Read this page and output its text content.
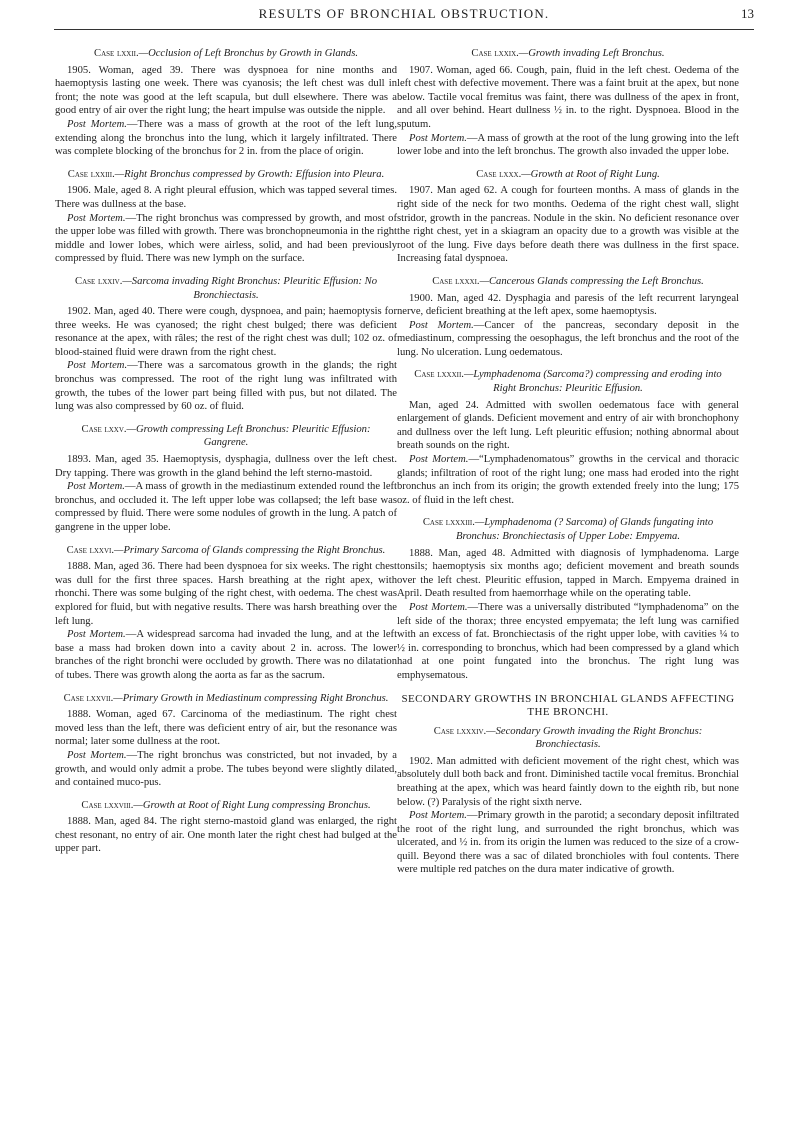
RESULTS OF BRONCHIAL OBSTRUCTION.	13
Case lxxii.—Occlusion of Left Bronchus by Growth in Glands.

1905. Woman, aged 39. There was dyspnoea for nine months and haemoptysis lasting one week. There was cyanosis; the left chest was dull in front; the note was good at the left scapula, but dull elsewhere. There was a good entry of air over the right lung; the heart impulse was outside the nipple.

Post Mortem.—There was a mass of growth at the root of the left lung, extending along the bronchus into the lung, which it largely infiltrated. There was complete blocking of the bronchus for 2 in. from the place of origin.

Case lxxiii.—Right Bronchus compressed by Growth: Effusion into Pleura.

1906. Male, aged 8. A right pleural effusion, which was tapped several times. There was dullness at the base.

Post Mortem.—The right bronchus was compressed by growth, and most of the upper lobe was filled with growth. There was bronchopneumonia in the right middle and lower lobes, which were airless, solid, and had been previously compressed by fluid. There was new lymph on the surface.

Case lxxiv.—Sarcoma invading Right Bronchus: Pleuritic Effusion: No Bronchiectasis.

1902. Man, aged 40. There were cough, dyspnoea, and pain; haemoptysis for three weeks. He was cyanosed; the right chest bulged; there was deficient resonance at the apex, with râles; the rest of the right chest was dull; 102 oz. of blood-stained fluid were drawn from the right chest.

Post Mortem.—There was a sarcomatous growth in the glands; the right bronchus was compressed. The root of the right lung was infiltrated with growth, the tubes of the lower part being filled with pus, but not dilated. The lung was also compressed by 60 oz. of fluid.

Case lxxv.—Growth compressing Left Bronchus: Pleuritic Effusion: Gangrene.

1893. Man, aged 35. Haemoptysis, dysphagia, dullness over the left chest. Dry tapping. There was growth in the gland behind the left sterno-mastoid.

Post Mortem.—A mass of growth in the mediastinum extended round the left bronchus, and occluded it. The left upper lobe was collapsed; the left base was compressed by fluid. There were some nodules of growth in the lung. A patch of gangrene in the upper lobe.

Case lxxvi.—Primary Sarcoma of Glands compressing the Right Bronchus.

1888. Man, aged 36. There had been dyspnoea for six weeks. The right chest was dull for the first three spaces. Harsh breathing at the right apex, with rhonchi. There was some bulging of the right chest, with oedema. The chest was explored for fluid, but with negative results. There was harsh breathing over the left lung.

Post Mortem.—A widespread sarcoma had invaded the lung, and at the left base a mass had broken down into a cavity about 2 in. across. The lower branches of the right bronchi were occluded by growth. There was no dilatation of tubes. There was growth along the aorta as far as the sacrum.

Case lxxvii.—Primary Growth in Mediastinum compressing Right Bronchus.

1888. Woman, aged 67. Carcinoma of the mediastinum. The right chest moved less than the left, there was deficient entry of air, but the resonance was normal; later some dullness at the root.

Post Mortem.—The right bronchus was constricted, but not invaded, by a growth, and would only admit a probe. The tubes beyond were slightly dilated, and contained muco-pus.

Case lxxviii.—Growth at Root of Right Lung compressing Bronchus.

1888. Man, aged 84. The right sterno-mastoid gland was enlarged, the right chest resonant, no entry of air. One month later the right chest had bulged at the upper part.

Case lxxix.—Growth invading Left Bronchus.

1907. Woman, aged 66. Cough, pain, fluid in the left chest. Oedema of the left chest with defective movement. There was a faint bruit at the apex, but none below. Tactile vocal fremitus was faint, there was dullness of the apex in front, and all over behind. Heart dullness ½ in. to the right. Dyspnoea. Blood in the sputum.

Post Mortem.—A mass of growth at the root of the lung growing into the left lower lobe and into the left bronchus. The growth also invaded the upper lobe.

Case lxxx.—Growth at Root of Right Lung.

1907. Man aged 62. A cough for fourteen months. A mass of glands in the right side of the neck for two months. Oedema of the right chest wall, slight stridor, growth in the pancreas. Nodule in the skin. No deficient resonance over the right chest, yet in a skiagram an opacity due to a growth was visible at the root of the lung. Five days before death there was dullness in the first space. Increasing fatal dyspnoea.

Case lxxxi.—Cancerous Glands compressing the Left Bronchus.

1900. Man, aged 42. Dysphagia and paresis of the left recurrent laryngeal nerve, deficient breathing at the left apex, some haemoptysis.

Post Mortem.—Cancer of the pancreas, secondary deposit in the mediastinum, compressing the oesophagus, the left bronchus and the root of the lung. No ulceration. Lung oedematous.

Case lxxxii.—Lymphadenoma (Sarcoma?) compressing and eroding into Right Bronchus: Pleuritic Effusion.

Man, aged 24. Admitted with swollen oedematous face with general enlargement of glands. Deficient movement and entry of air with bronchophony and dullness over the left lung. Left pleuritic effusion; nothing abnormal about breath sounds on the right.

Post Mortem.—“Lymphadenomatous” growths in the cervical and thoracic glands; infiltration of root of the right lung; one mass had eroded into the right bronchus an inch from its origin; the growth extended freely into the lung; 175 oz. of fluid in the left chest.

Case lxxxiii.—Lymphadenoma (? Sarcoma) of Glands fungating into Bronchus: Bronchiectasis of Upper Lobe: Empyema.

1888. Man, aged 48. Admitted with diagnosis of lymphadenoma. Large tonsils; haemoptysis six months ago; deficient movement and breath sounds over the left chest. Pleuritic effusion, tapped in March. Empyema drained in April. Death resulted from haemorrhage while on the operating table.

Post Mortem.—There was a universally distributed “lymphadenoma” on the left side of the thorax; three encysted empyemata; the left lung was carnified with an excess of fat. Bronchiectasis of the right upper lobe, with cavities ¼ to ½ in. corresponding to bronchus, which had been compressed by a gland which had at one point fungated into the bronchus. The right lung was emphysematous.

SECONDARY GROWTHS IN BRONCHIAL GLANDS AFFECTING THE BRONCHI.
Case lxxxiv.—Secondary Growth invading the Right Bronchus: Bronchiectasis.

1902. Man admitted with deficient movement of the right chest, which was absolutely dull both back and front. Diminished tactile vocal fremitus. Bronchial breathing at the apex, which was heard faintly down to the eighth rib, but none below. (?) Paralysis of the right sixth nerve.

Post Mortem.—Primary growth in the parotid; a secondary deposit infiltrated the root of the right lung, and surrounded the right bronchus, which was ulcerated, and ½ in. from its origin the lumen was reduced to the size of a crow-quill. Beyond there was a sac of dilated bronchioles with foul contents. There were multiple red patches on the dura mater indicative of growth.
